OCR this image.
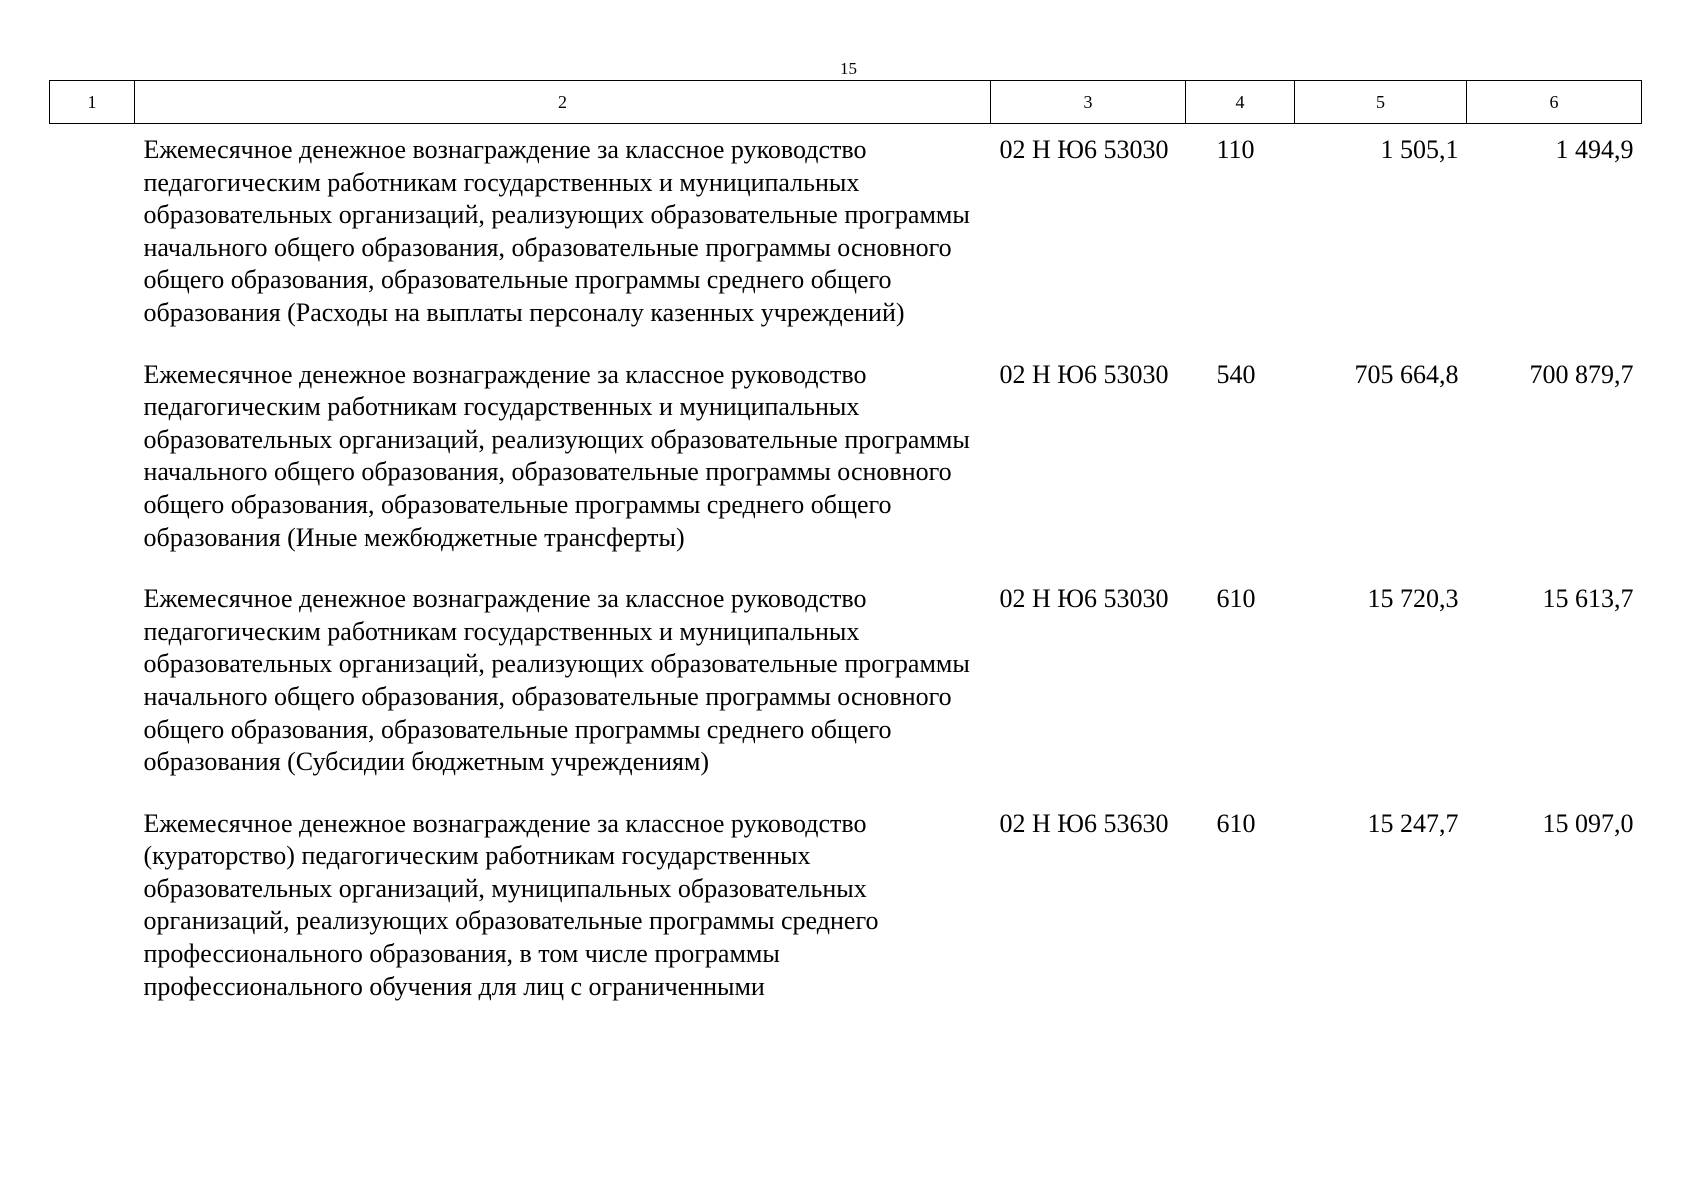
15
1	2	3	4	5	6
	Ежемесячное денежное вознаграждение за классное руководство педагогическим работникам государственных и муниципальных образовательных организаций, реализующих образовательные программы начального общего образования, образовательные программы основного общего образования, образовательные программы среднего общего образования (Расходы на выплаты персоналу казенных учреждений)	02 Н Ю6 53030	110	1 505,1	1 494,9
	Ежемесячное денежное вознаграждение за классное руководство педагогическим работникам государственных и муниципальных образовательных организаций, реализующих образовательные программы начального общего образования, образовательные программы основного общего образования, образовательные программы среднего общего образования (Иные межбюджетные трансферты)	02 Н Ю6 53030	540	705 664,8	700 879,7
	Ежемесячное денежное вознаграждение за классное руководство педагогическим работникам государственных и муниципальных образовательных организаций, реализующих образовательные программы начального общего образования, образовательные программы основного общего образования, образовательные программы среднего общего образования (Субсидии бюджетным учреждениям)	02 Н Ю6 53030	610	15 720,3	15 613,7
	Ежемесячное денежное вознаграждение за классное руководство (кураторство) педагогическим работникам государственных образовательных организаций, муниципальных образовательных организаций, реализующих образовательные программы среднего профессионального образования, в том числе программы профессионального обучения для лиц с ограниченными	02 Н Ю6 53630	610	15 247,7	15 097,0
